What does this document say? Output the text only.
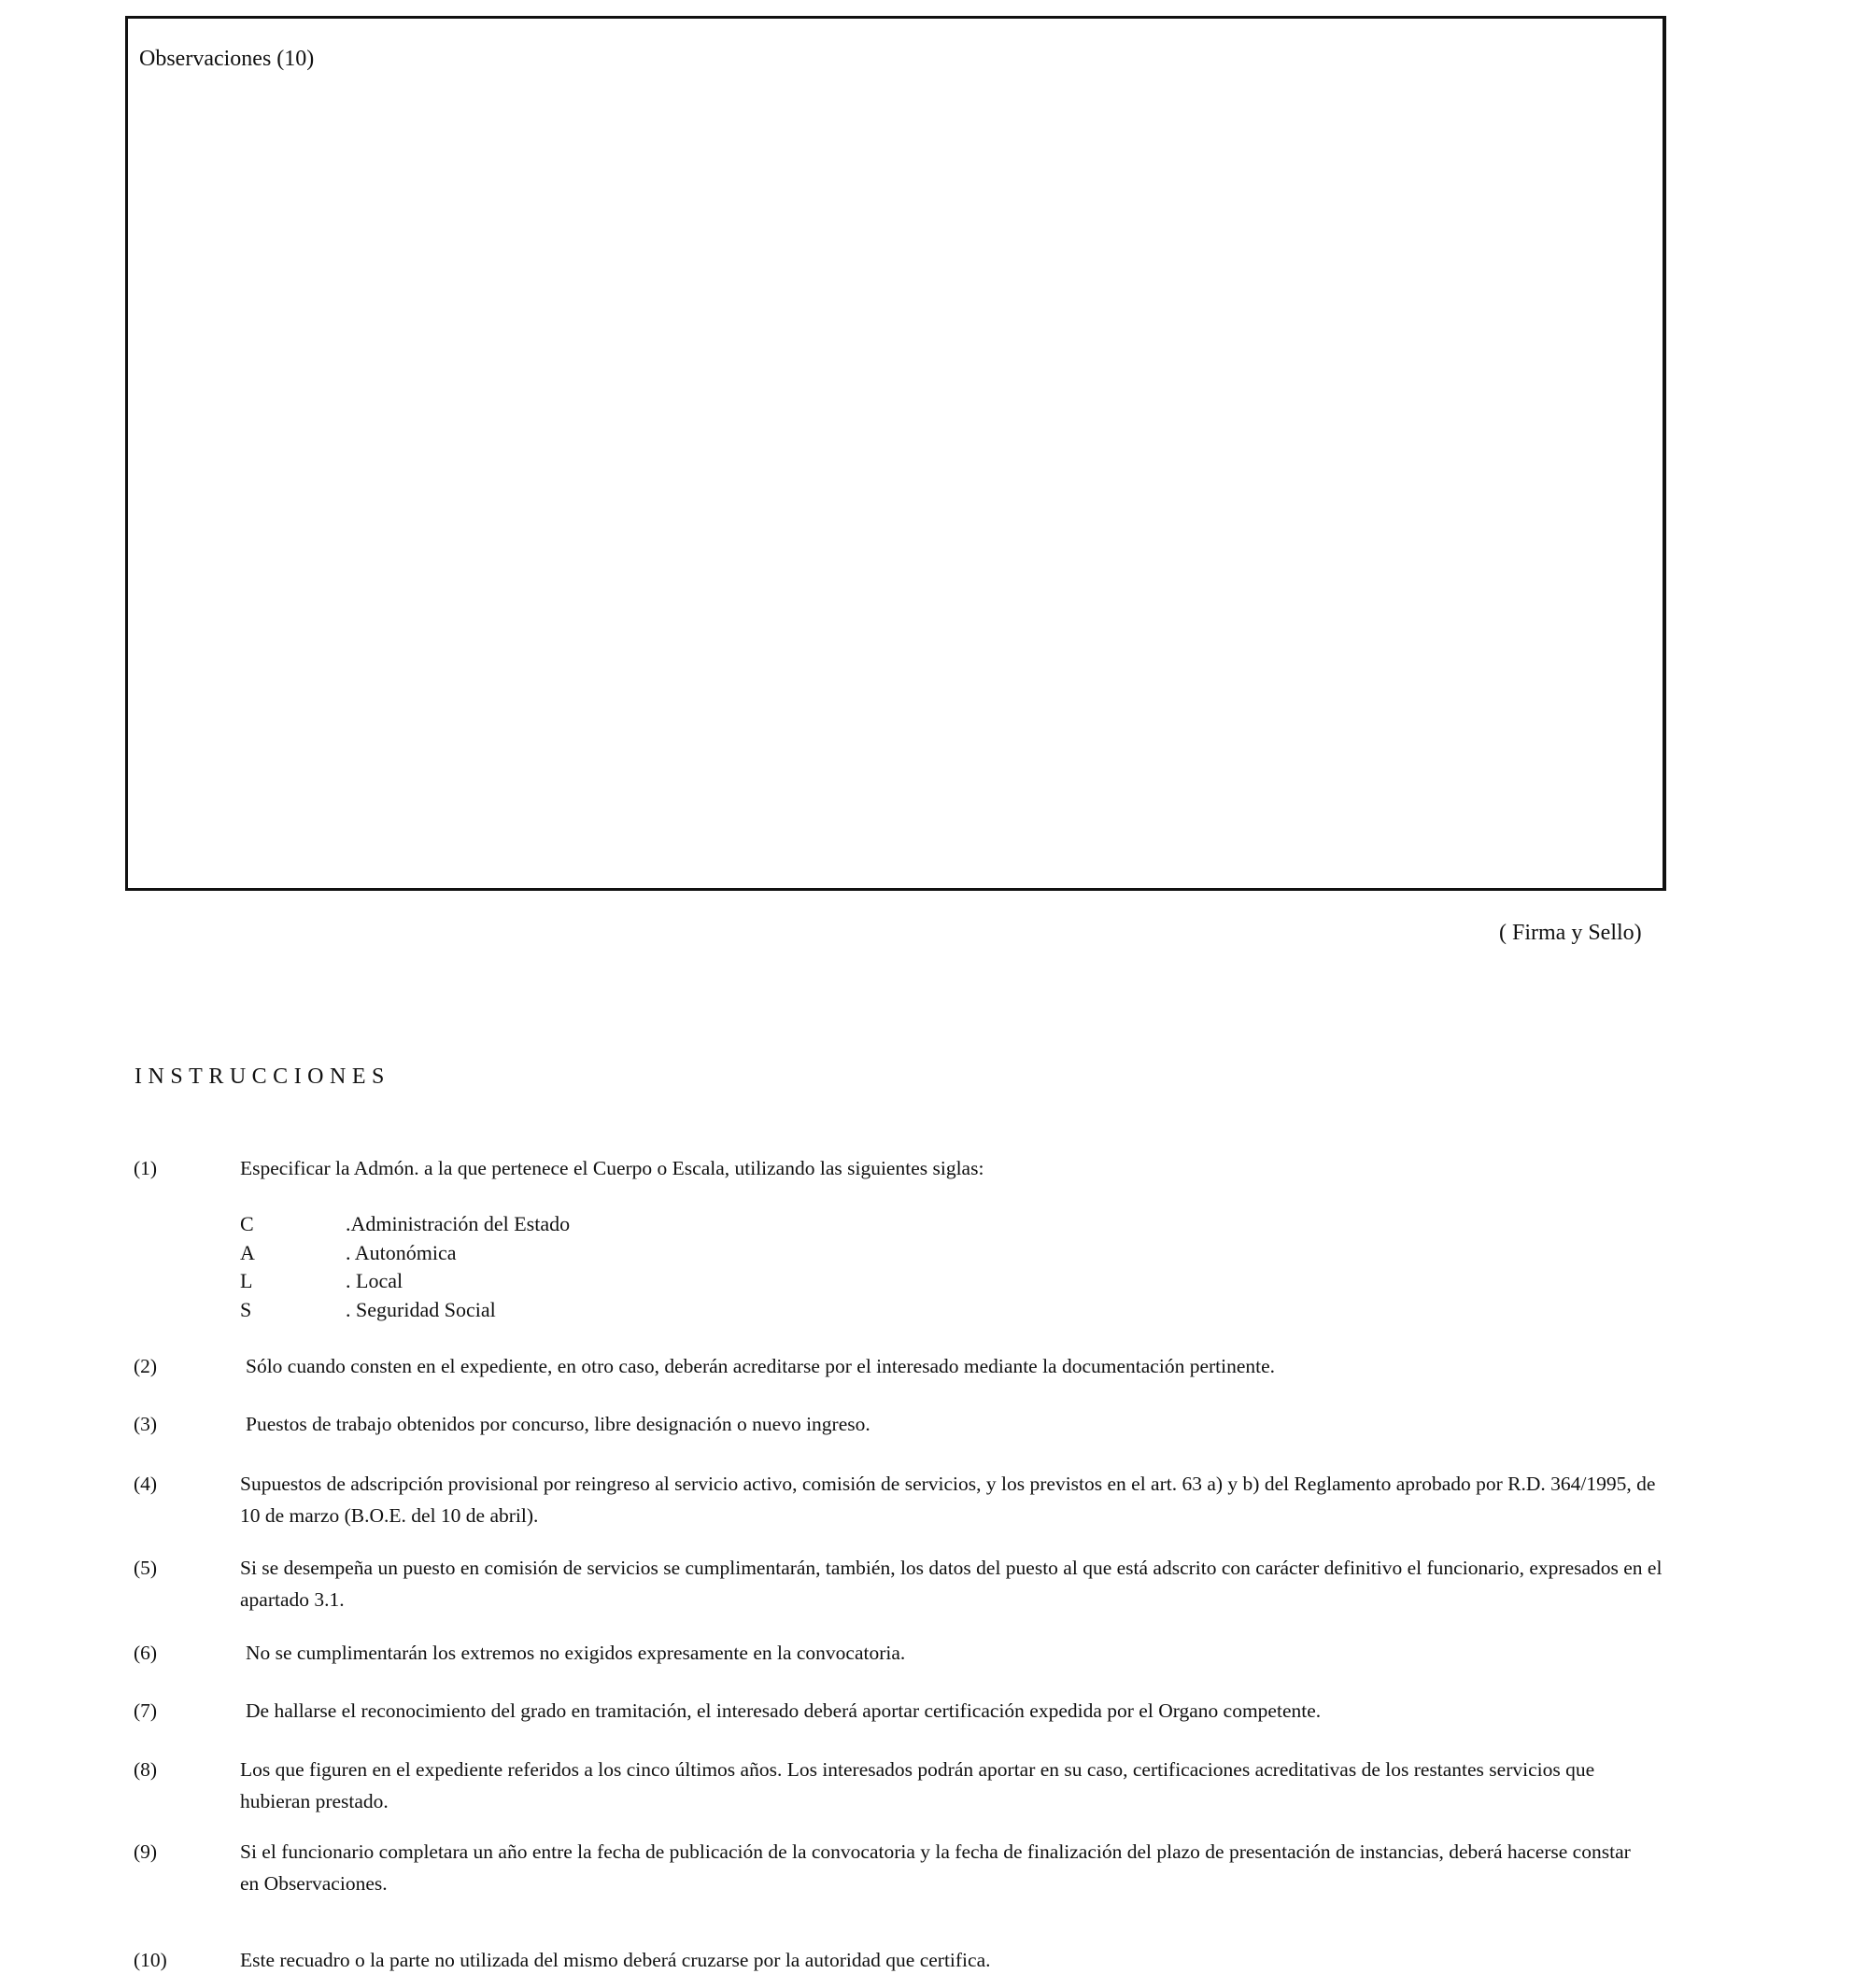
Observaciones (10)
( Firma y Sello)
INSTRUCCIONES
(1)	Especificar la Admón. a la que pertenece el Cuerpo o Escala, utilizando las siguientes siglas:
C	.Administración del Estado
A	. Autonómica
L	. Local
S	. Seguridad Social
(2)	Sólo cuando consten en el expediente, en otro caso, deberán acreditarse por el interesado mediante la documentación pertinente.
(3)	Puestos de trabajo obtenidos por concurso, libre designación o nuevo ingreso.
(4)	Supuestos de adscripción provisional por reingreso al servicio activo, comisión de servicios, y los previstos en el art. 63 a) y b) del Reglamento aprobado por R.D. 364/1995, de 10 de marzo (B.O.E. del 10 de abril).
(5)	Si se desempeña un puesto en comisión de servicios se cumplimentarán, también, los datos del puesto al que está adscrito con carácter definitivo el funcionario, expresados en el apartado 3.1.
(6)	No se cumplimentarán los extremos no exigidos expresamente en la convocatoria.
(7)	De hallarse el reconocimiento del grado en tramitación, el interesado deberá aportar certificación expedida por el Organo competente.
(8)	Los que figuren en el expediente referidos a los cinco últimos años. Los interesados podrán aportar en su caso, certificaciones acreditativas de los restantes servicios que hubieran prestado.
(9)	Si el funcionario completara un año entre la fecha de publicación de la convocatoria y la fecha de finalización del plazo de presentación de instancias, deberá hacerse constar en Observaciones.
(10)	Este recuadro o la parte no utilizada del mismo deberá cruzarse por la autoridad que certifica.
